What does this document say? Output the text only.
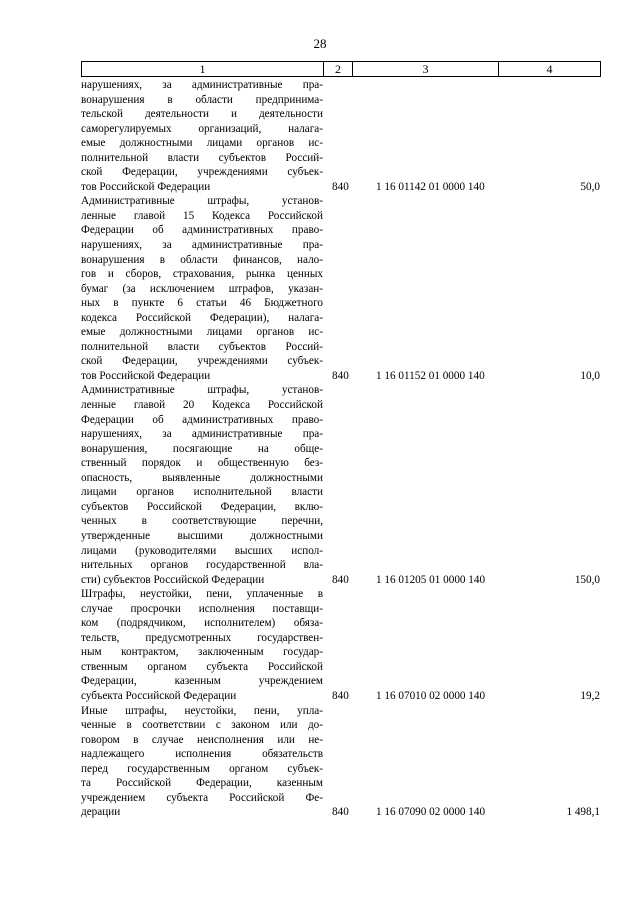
28
1	2	3	4
нарушениях, за административные пра-
вонарушения в области предпринима-
тельской деятельности и деятельности
саморегулируемых организаций, налага-
емые должностными лицами органов ис-
полнительной власти субъектов Россий-
ской Федерации, учреждениями субъек-
тов Российской Федерации	840	1 16 01142 01 0000 140	50,0
Административные штрафы, установ-
ленные главой 15 Кодекса Российской
Федерации об административных право-
нарушениях, за административные пра-
вонарушения в области финансов, нало-
гов и сборов, страхования, рынка ценных
бумаг (за исключением штрафов, указан-
ных в пункте 6 статьи 46 Бюджетного
кодекса Российской Федерации), налага-
емые должностными лицами органов ис-
полнительной власти субъектов Россий-
ской Федерации, учреждениями субъек-
тов Российской Федерации	840	1 16 01152 01 0000 140	10,0
Административные штрафы, установ-
ленные главой 20 Кодекса Российской
Федерации об административных право-
нарушениях, за административные пра-
вонарушения, посягающие на обще-
ственный порядок и общественную без-
опасность, выявленные должностными
лицами органов исполнительной власти
субъектов Российской Федерации, вклю-
ченных в соответствующие перечни,
утвержденные высшими должностными
лицами (руководителями высших испол-
нительных органов государственной вла-
сти) субъектов Российской Федерации	840	1 16 01205 01 0000 140	150,0
Штрафы, неустойки, пени, уплаченные в
случае просрочки исполнения поставщи-
ком (подрядчиком, исполнителем) обяза-
тельств, предусмотренных государствен-
ным контрактом, заключенным государ-
ственным органом субъекта Российской
Федерации, казенным учреждением
субъекта Российской Федерации	840	1 16 07010 02 0000 140	19,2
Иные штрафы, неустойки, пени, упла-
ченные в соответствии с законом или до-
говором в случае неисполнения или не-
надлежащего исполнения обязательств
перед государственным органом субъек-
та Российской Федерации, казенным
учреждением субъекта Российской Фе-
дерации	840	1 16 07090 02 0000 140	1 498,1
